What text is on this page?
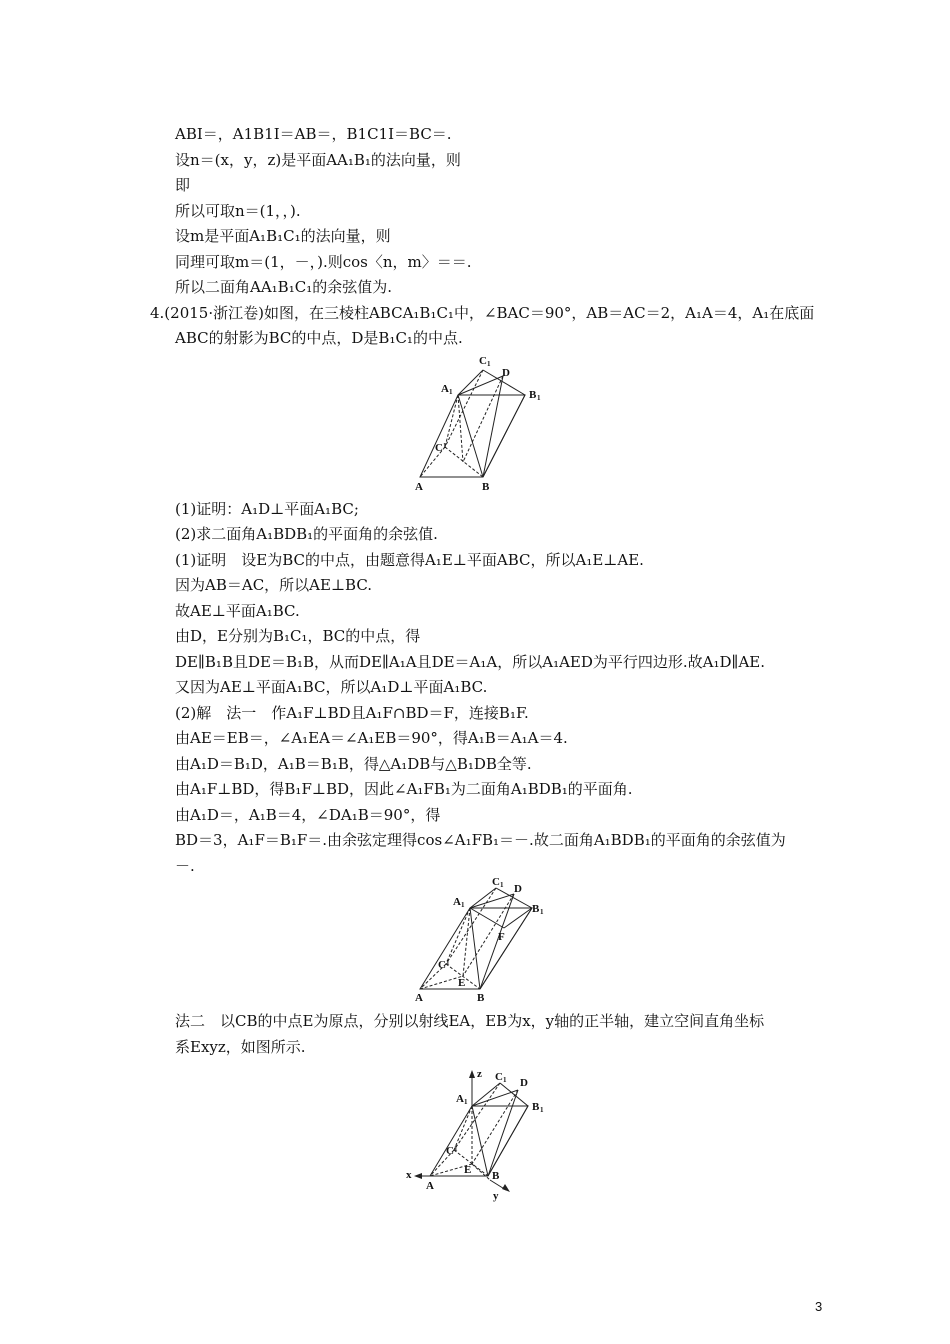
ABI＝，A1B1I＝AB＝，B1C1I＝BC＝.
设n＝(x，y，z)是平面AA₁B₁的法向量，则
即
所以可取n＝(1，，).
设m是平面A₁B₁C₁的法向量，则
同理可取m＝(1，－，).则cos〈n，m〉＝＝.
所以二面角AA₁B₁C₁的余弦值为.
4.(2015·浙江卷)如图，在三棱柱ABCA₁B₁C₁中，∠BAC＝90°，AB＝AC＝2，A₁A＝4，A₁在底面
ABC的射影为BC的中点，D是B₁C₁的中点.
C 1
D
B 1
A 1
C 1
A	B
(1)证明：A₁D⊥平面A₁BC;
(2)求二面角A₁BDB₁的平面角的余弦值.
(1)证明　设E为BC的中点，由题意得A₁E⊥平面ABC，所以A₁E⊥AE.
因为AB＝AC，所以AE⊥BC.
故AE⊥平面A₁BC.
由D，E分别为B₁C₁，BC的中点，得
DE∥B₁B且DE＝B₁B，从而DE∥A₁A且DE＝A₁A，所以A₁AED为平行四边形.故A₁D∥AE.
又因为AE⊥平面A₁BC，所以A₁D⊥平面A₁BC.
(2)解　法一　作A₁F⊥BD且A₁F∩BD＝F，连接B₁F.
由AE＝EB＝，∠A₁EA＝∠A₁EB＝90°，得A₁B＝A₁A＝4.
由A₁D＝B₁D，A₁B＝B₁B，得△A₁DB与△B₁DB全等.
由A₁F⊥BD，得B₁F⊥BD，因此∠A₁FB₁为二面角A₁BDB₁的平面角.
由A₁D＝，A₁B＝4，∠DA₁B＝90°，得
BD＝3，A₁F＝B₁F＝.由余弦定理得cos∠A₁FB₁＝－.故二面角A₁BDB₁的平面角的余弦值为
－.
C 1 D
B 1
A 1
F
C 1
E
A	B
法二　以CB的中点E为原点，分别以射线EA，EB为x，y轴的正半轴，建立空间直角坐标
系Exyz，如图所示.
z C 1 D
B 1
A 1
C 1
E
x
A
B
y
3
